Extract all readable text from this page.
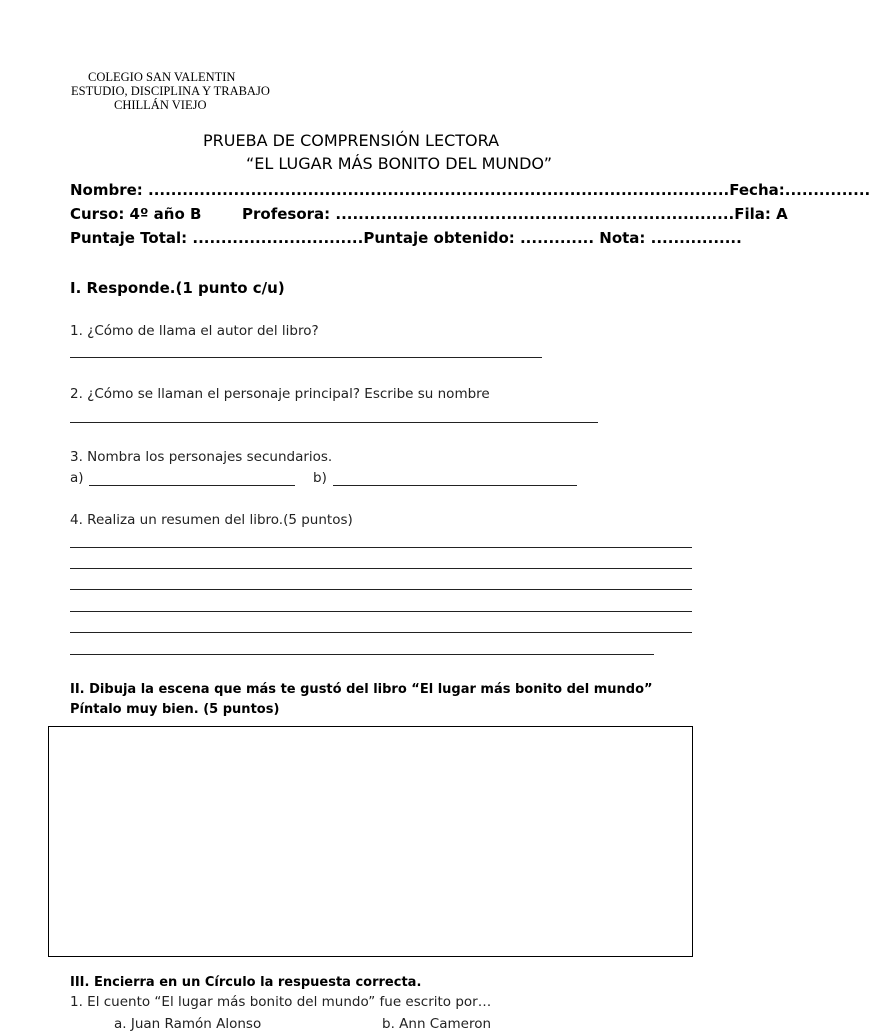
COLEGIO SAN VALENTIN
ESTUDIO, DISCIPLINA Y TRABAJO
CHILLÁN VIEJO
PRUEBA DE COMPRENSIÓN LECTORA
“EL LUGAR MÁS BONITO DEL MUNDO”
Nombre: ......................................................................................................Fecha:...............
Curso: 4º año B	Profesora: ......................................................................Fila: A
Puntaje Total: ..............................Puntaje obtenido: ............. Nota: ................
I. Responde.(1 punto c/u)
1. ¿Cómo de llama el autor del libro?
2. ¿Cómo se llaman el personaje principal? Escribe su nombre
3. Nombra los personajes secundarios.
a)	b)
4. Realiza un resumen del libro.(5 puntos)
II. Dibuja la escena que más te gustó del libro “El lugar más bonito del mundo”
Píntalo muy bien. (5 puntos)
III. Encierra en un Círculo la respuesta correcta.
1. El cuento “El lugar más bonito del mundo” fue escrito por…
a. Juan Ramón Alonso	b. Ann Cameron
